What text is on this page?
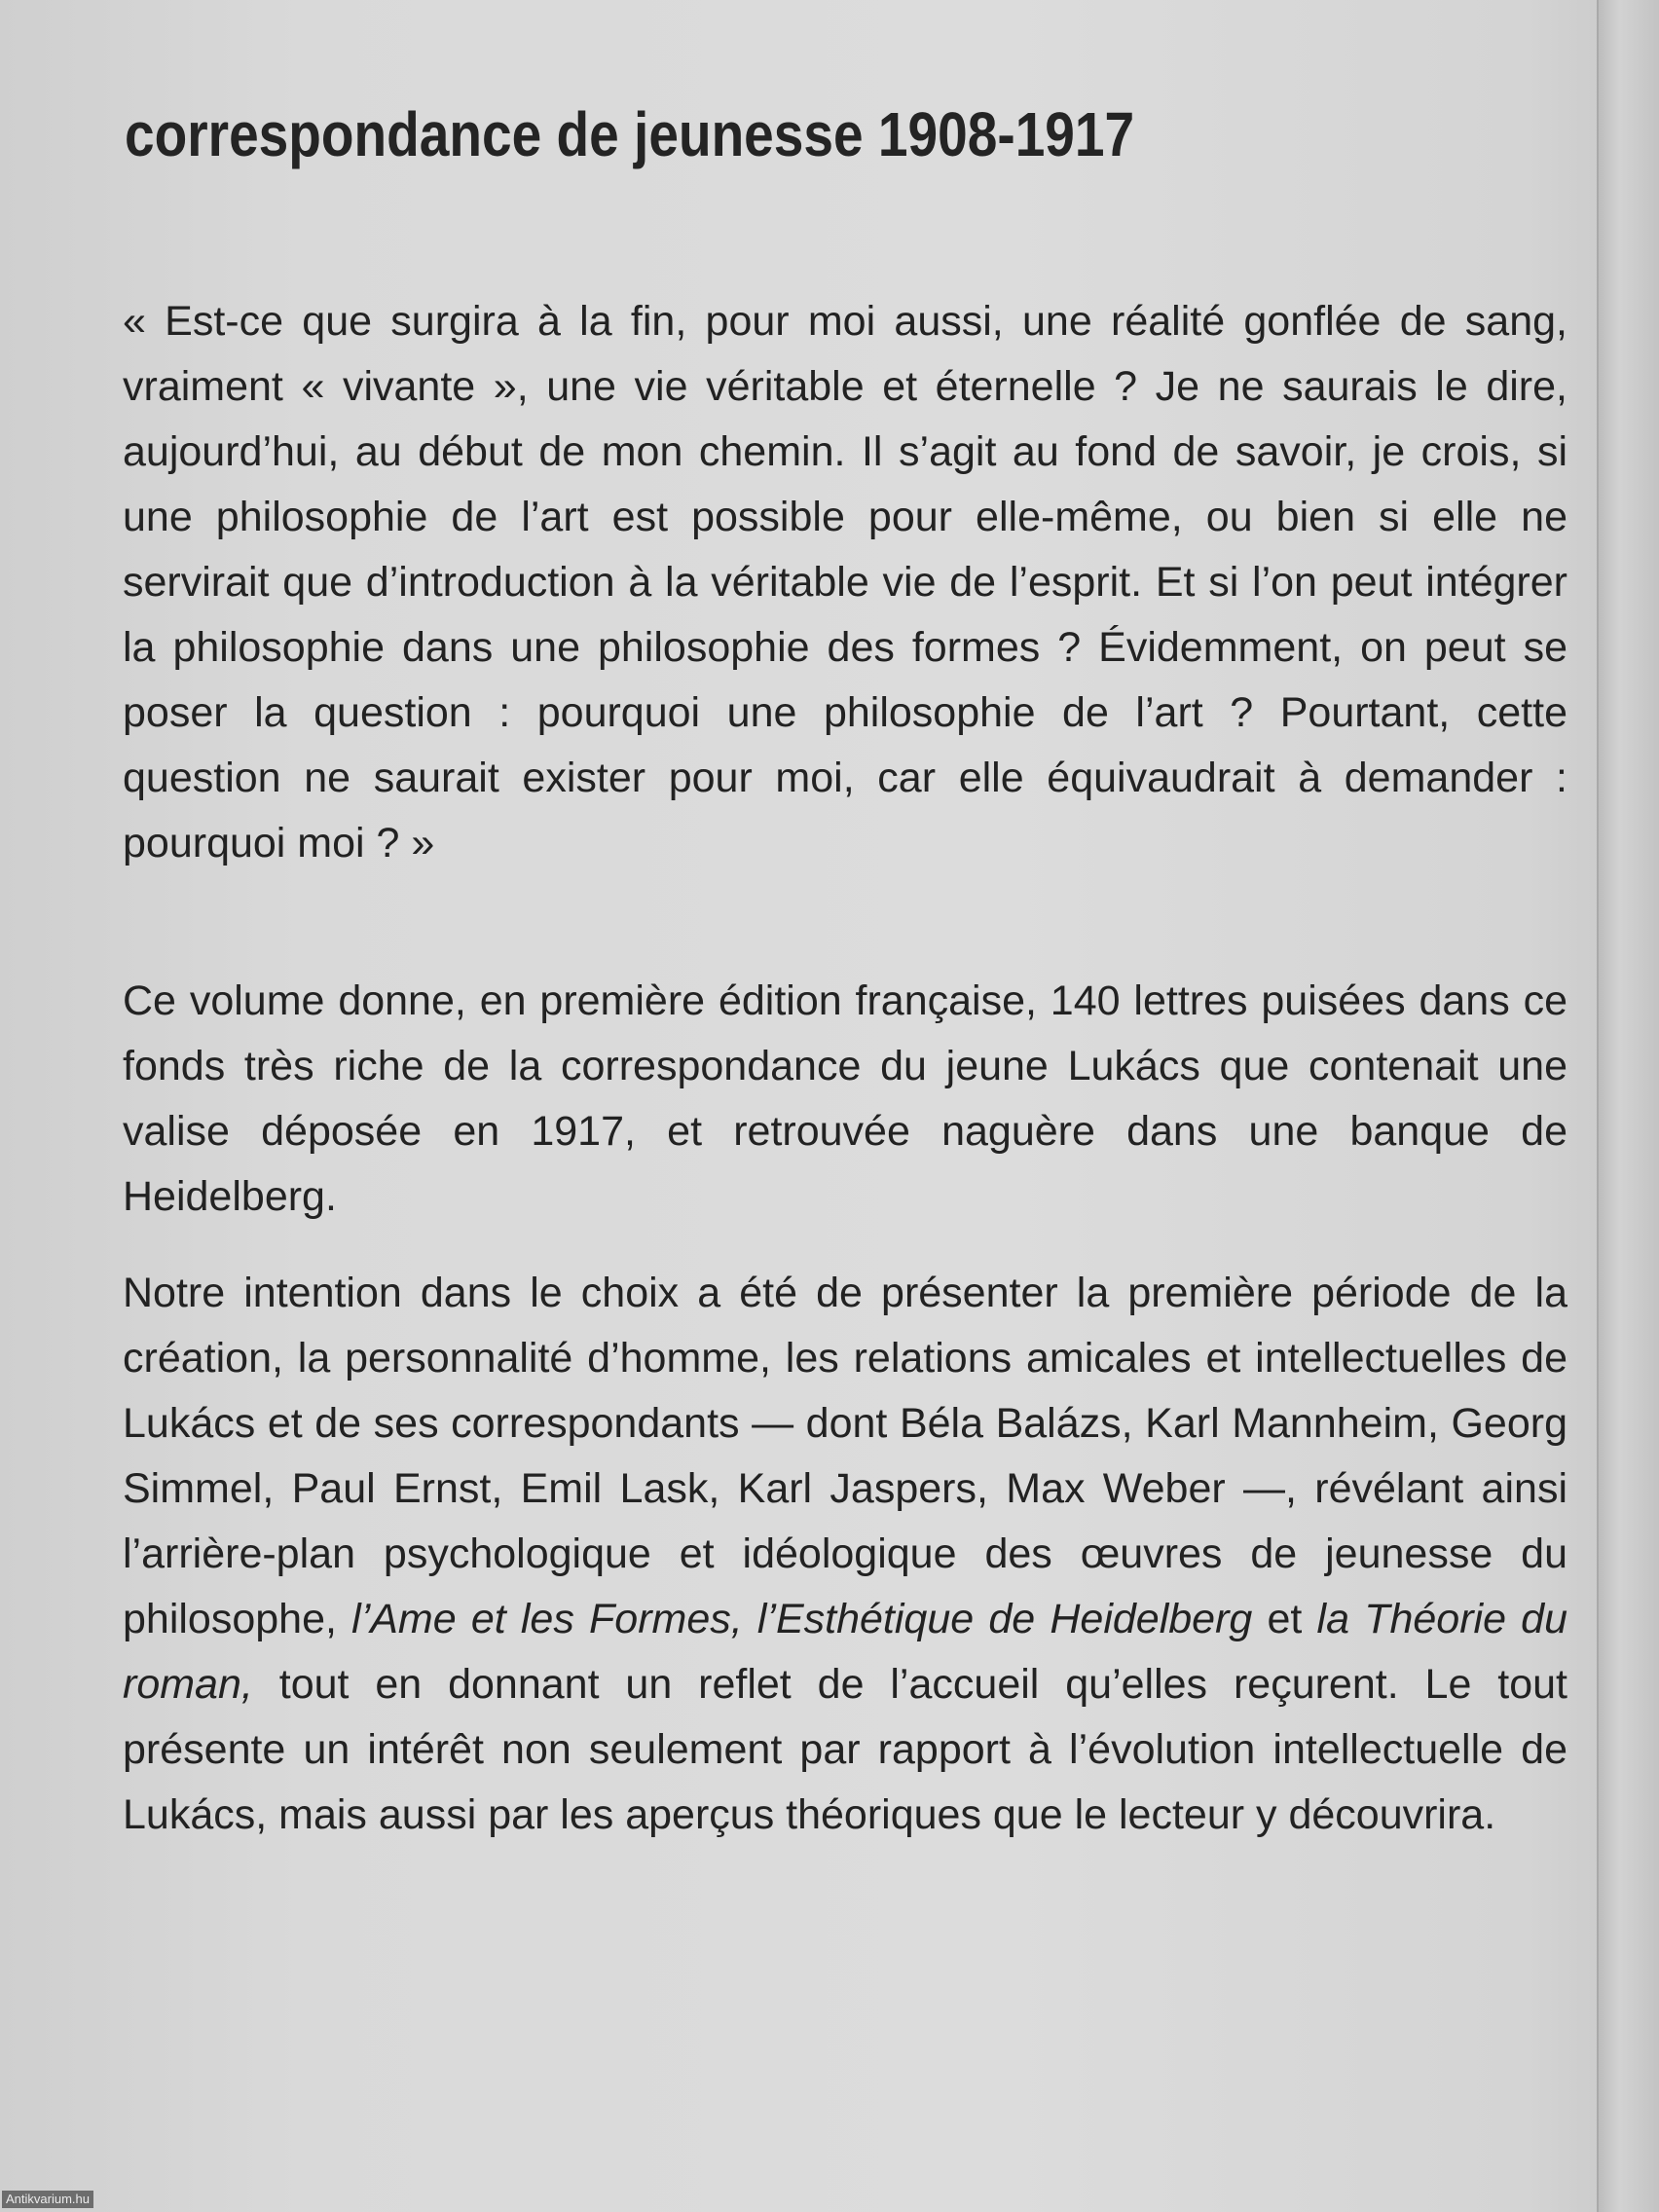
correspondance de jeunesse 1908-1917

« Est-ce que surgira à la fin, pour moi aussi, une réalité gonflée de sang, vraiment « vivante », une vie véritable et éternelle ? Je ne saurais le dire, aujourd’hui, au début de mon chemin. Il s’agit au fond de savoir, je crois, si une philosophie de l’art est possible pour elle-même, ou bien si elle ne servirait que d’introduction à la véritable vie de l’esprit. Et si l’on peut intégrer la philosophie dans une philosophie des formes ? Évidemment, on peut se poser la question : pourquoi une philosophie de l’art ? Pourtant, cette question ne saurait exister pour moi, car elle équivaudrait à demander : pourquoi moi ? »

Ce volume donne, en première édition française, 140 lettres puisées dans ce fonds très riche de la correspondance du jeune Lukács que contenait une valise déposée en 1917, et retrouvée naguère dans une banque de Heidelberg.

Notre intention dans le choix a été de présenter la première période de la création, la personnalité d’homme, les relations amicales et intellectuelles de Lukács et de ses correspondants — dont Béla Balázs, Karl Mannheim, Georg Simmel, Paul Ernst, Emil Lask, Karl Jaspers, Max Weber —, révélant ainsi l’arrière-plan psychologique et idéologique des œuvres de jeunesse du philosophe, l’Ame et les Formes, l’Esthétique de Heidelberg et la Théorie du roman, tout en donnant un reflet de l’accueil qu’elles reçurent. Le tout présente un intérêt non seulement par rapport à l’évolution intellectuelle de Lukács, mais aussi par les aperçus théoriques que le lecteur y découvrira.

Antikvarium.hu
